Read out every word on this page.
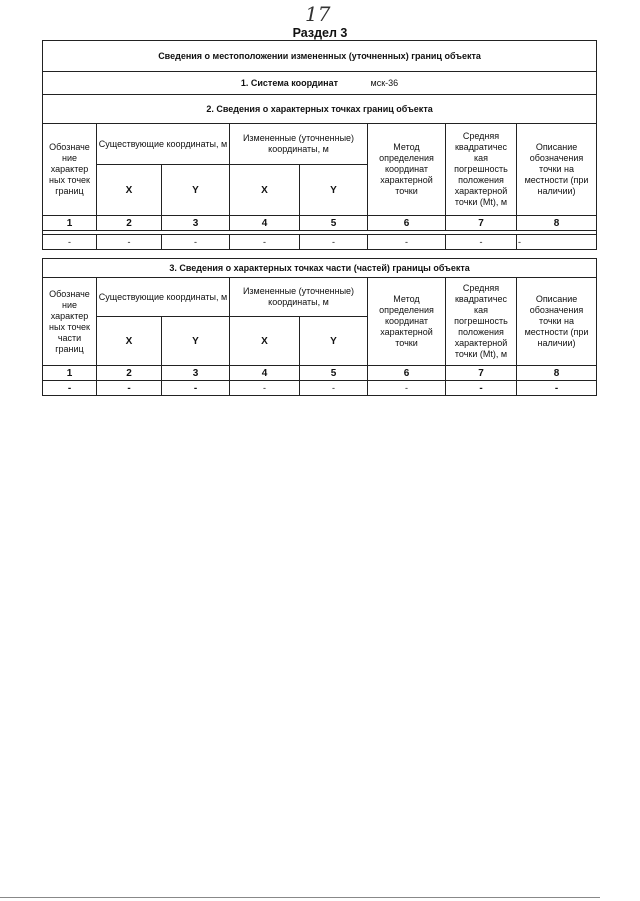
17
Раздел 3
Сведения о местоположении измененных (уточненных) границ объекта							
1. Система координат мск-36							
2. Сведения о характерных точках границ объекта							
Обозначе ние характер ных точек границ	Существующие координаты, м		Измененные (уточненные) координаты, м		Метод определения координат характерной точки	Средняя квадратичес кая погрешность положения характерной точки (Mt), м	Описание обозначения точки на местности (при наличии)
	X	Y	X	Y			
1	2	3	4	5	6	7	8

-	-	-	-	-	-	-	-
3. Сведения о характерных точках части (частей) границы объекта							
Обозначе ние характер ных точек части границ	Существующие координаты, м		Измененные (уточненные) координаты, м		Метод определения координат характерной точки	Средняя квадратичес кая погрешность положения характерной точки (Mt), м	Описание обозначения точки на местности (при наличии)
	X	Y	X	Y			
1	2	3	4	5	6	7	8
-	-	-	-	-	-	-	-
